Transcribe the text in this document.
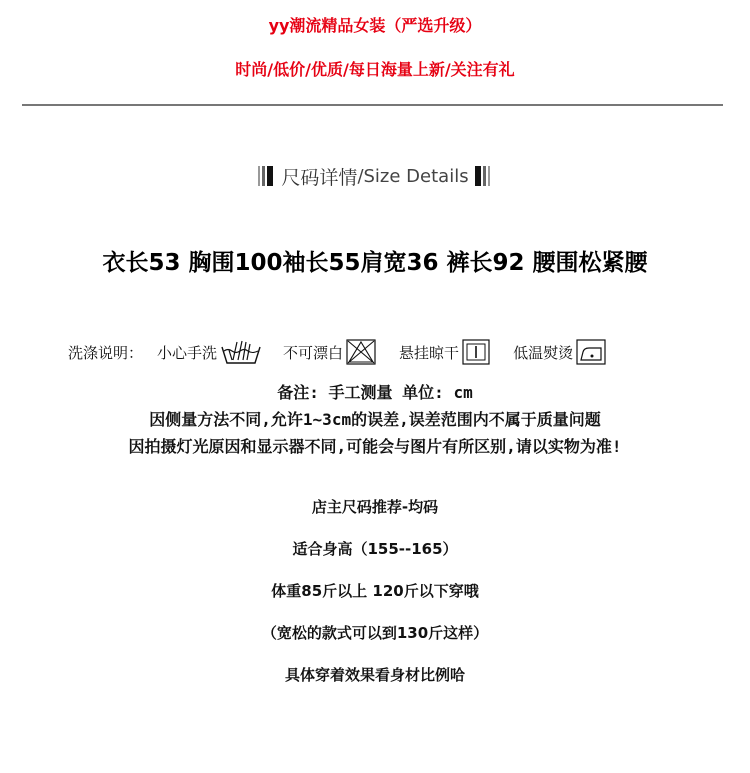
yy潮流精品女装（严选升级）
时尚/低价/优质/每日海量上新/关注有礼
尺码详情 /Size Details
衣长53 胸围100袖长55肩宽36 裤长92 腰围松紧腰
洗涤说明： 小心手洗	不可漂白	悬挂晾干	低温熨烫
备注: 手工测量 单位: cm
因侧量方法不同,允许1~3cm的误差,误差范围内不属于质量问题
因拍摄灯光原因和显示器不同,可能会与图片有所区别,请以实物为准!
店主尺码推荐-均码
适合身高（155--165）
体重85斤以上 120斤以下穿哦
（宽松的款式可以到130斤这样）
具体穿着效果看身材比例哈
